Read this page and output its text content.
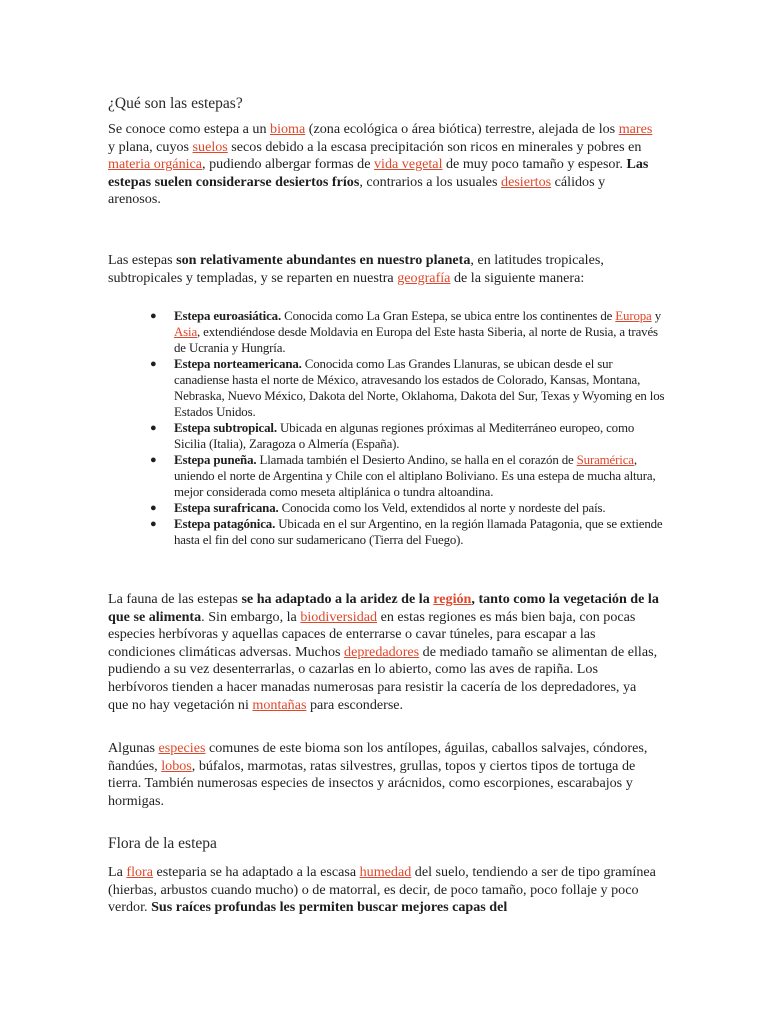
¿Qué son las estepas?

Se conoce como estepa a un bioma (zona ecológica o área biótica) terrestre, alejada de los mares y plana, cuyos suelos secos debido a la escasa precipitación son ricos en minerales y pobres en materia orgánica, pudiendo albergar formas de vida vegetal de muy poco tamaño y espesor. Las estepas suelen considerarse desiertos fríos, contrarios a los usuales desiertos cálidos y arenosos.

Las estepas son relativamente abundantes en nuestro planeta, en latitudes tropicales, subtropicales y templadas, y se reparten en nuestra geografía de la siguiente manera:

● Estepa euroasiática. Conocida como La Gran Estepa, se ubica entre los continentes de Europa y Asia, extendiéndose desde Moldavia en Europa del Este hasta Siberia, al norte de Rusia, a través de Ucrania y Hungría.
● Estepa norteamericana. Conocida como Las Grandes Llanuras, se ubican desde el sur canadiense hasta el norte de México, atravesando los estados de Colorado, Kansas, Montana, Nebraska, Nuevo México, Dakota del Norte, Oklahoma, Dakota del Sur, Texas y Wyoming en los Estados Unidos.
● Estepa subtropical. Ubicada en algunas regiones próximas al Mediterráneo europeo, como Sicilia (Italia), Zaragoza o Almería (España).
● Estepa puneña. Llamada también el Desierto Andino, se halla en el corazón de Suramérica, uniendo el norte de Argentina y Chile con el altiplano Boliviano. Es una estepa de mucha altura, mejor considerada como meseta altiplánica o tundra altoandina.
● Estepa surafricana. Conocida como los Veld, extendidos al norte y nordeste del país.
● Estepa patagónica. Ubicada en el sur Argentino, en la región llamada Patagonia, que se extiende hasta el fin del cono sur sudamericano (Tierra del Fuego).

La fauna de las estepas se ha adaptado a la aridez de la región, tanto como la vegetación de la que se alimenta. Sin embargo, la biodiversidad en estas regiones es más bien baja, con pocas especies herbívoras y aquellas capaces de enterrarse o cavar túneles, para escapar a las condiciones climáticas adversas. Muchos depredadores de mediado tamaño se alimentan de ellas, pudiendo a su vez desenterrarlas, o cazarlas en lo abierto, como las aves de rapiña. Los herbívoros tienden a hacer manadas numerosas para resistir la cacería de los depredadores, ya que no hay vegetación ni montañas para esconderse.

Algunas especies comunes de este bioma son los antílopes, águilas, caballos salvajes, cóndores, ñandúes, lobos, búfalos, marmotas, ratas silvestres, grullas, topos y ciertos tipos de tortuga de tierra. También numerosas especies de insectos y arácnidos, como escorpiones, escarabajos y hormigas.

Flora de la estepa

La flora esteparia se ha adaptado a la escasa humedad del suelo, tendiendo a ser de tipo gramínea (hierbas, arbustos cuando mucho) o de matorral, es decir, de poco tamaño, poco follaje y poco verdor. Sus raíces profundas les permiten buscar mejores capas del
